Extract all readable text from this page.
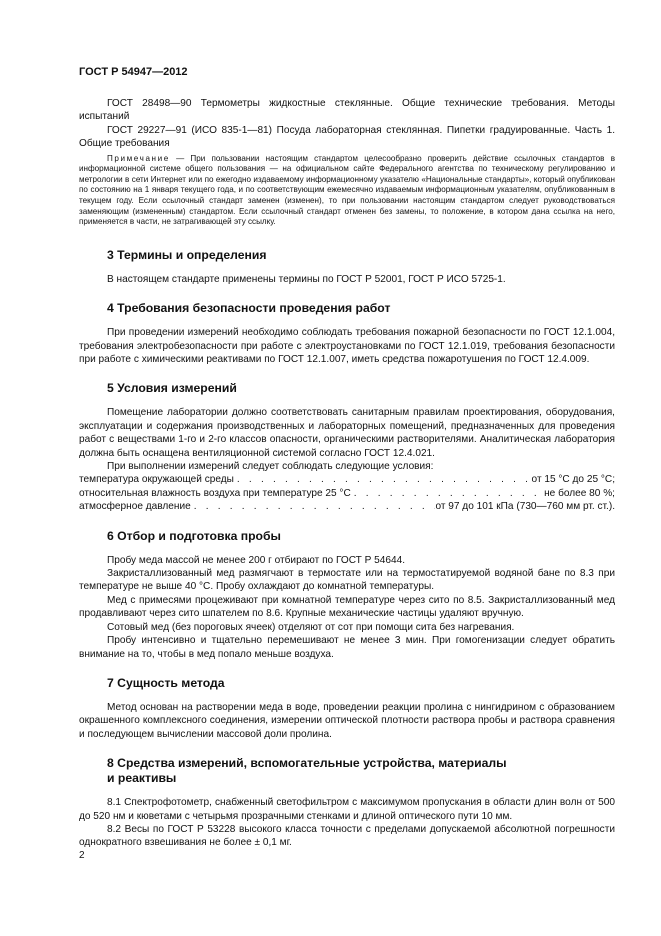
ГОСТ Р 54947—2012

ГОСТ 28498—90 Термометры жидкостные стеклянные. Общие технические требования. Методы испытаний

ГОСТ 29227—91 (ИСО 835-1—81) Посуда лабораторная стеклянная. Пипетки градуированные. Часть 1. Общие требования

Примечание — При пользовании настоящим стандартом целесообразно проверить действие ссылочных стандартов в информационной системе общего пользования — на официальном сайте Федерального агентства по техническому регулированию и метрологии в сети Интернет или по ежегодно издаваемому информационному указателю «Национальные стандарты», который опубликован по состоянию на 1 января текущего года, и по соответствующим ежемесячно издаваемым информационным указателям, опубликованным в текущем году. Если ссылочный стандарт заменен (изменен), то при пользовании настоящим стандартом следует руководствоваться заменяющим (измененным) стандартом. Если ссылочный стандарт отменен без замены, то положение, в котором дана ссылка на него, применяется в части, не затрагивающей эту ссылку.
3 Термины и определения

В настоящем стандарте применены термины по ГОСТ Р 52001, ГОСТ Р ИСО 5725-1.

4 Требования безопасности проведения работ

При проведении измерений необходимо соблюдать требования пожарной безопасности по ГОСТ 12.1.004, требования электробезопасности при работе с электроустановками по ГОСТ 12.1.019, требования безопасности при работе с химическими реактивами по ГОСТ 12.1.007, иметь средства пожаротушения по ГОСТ 12.4.009.

5 Условия измерений

Помещение лаборатории должно соответствовать санитарным правилам проектирования, оборудования, эксплуатации и содержания производственных и лабораторных помещений, предназначенных для проведения работ с веществами 1-го и 2-го классов опасности, органическими растворителями. Аналитическая лаборатория должна быть оснащена вентиляционной системой согласно ГОСТ 12.4.021.

При выполнении измерений следует соблюдать следующие условия:

температура окружающей среды . . .	от 15 °С до 25 °С;
относительная влажность воздуха при температуре 25 °С . . .	не более 80 %;
атмосферное давление . . .	от 97 до 101 кПа (730—760 мм рт. ст.).
6 Отбор и подготовка пробы

Пробу меда массой не менее 200 г отбирают по ГОСТ Р 54644.

Закристаллизованный мед размягчают в термостате или на термостатируемой водяной бане по 8.3 при температуре не выше 40 °С. Пробу охлаждают до комнатной температуры.

Мед с примесями процеживают при комнатной температуре через сито по 8.5. Закристаллизованный мед продавливают через сито шпателем по 8.6. Крупные механические частицы удаляют вручную.

Сотовый мед (без пороговых ячеек) отделяют от сот при помощи сита без нагревания.

Пробу интенсивно и тщательно перемешивают не менее 3 мин. При гомогенизации следует обратить внимание на то, чтобы в мед попало меньше воздуха.

7 Сущность метода

Метод основан на растворении меда в воде, проведении реакции пролина с нингидрином с образованием окрашенного комплексного соединения, измерении оптической плотности раствора пробы и раствора сравнения и последующем вычислении массовой доли пролина.

8 Средства измерений, вспомогательные устройства, материалы
и реактивы

8.1 Спектрофотометр, снабженный светофильтром с максимумом пропускания в области длин волн от 500 до 520 нм и кюветами с четырьмя прозрачными стенками и длиной оптического пути 10 мм.

8.2 Весы по ГОСТ Р 53228 высокого класса точности с пределами допускаемой абсолютной погрешности однократного взвешивания не более ± 0,1 мг.

2
